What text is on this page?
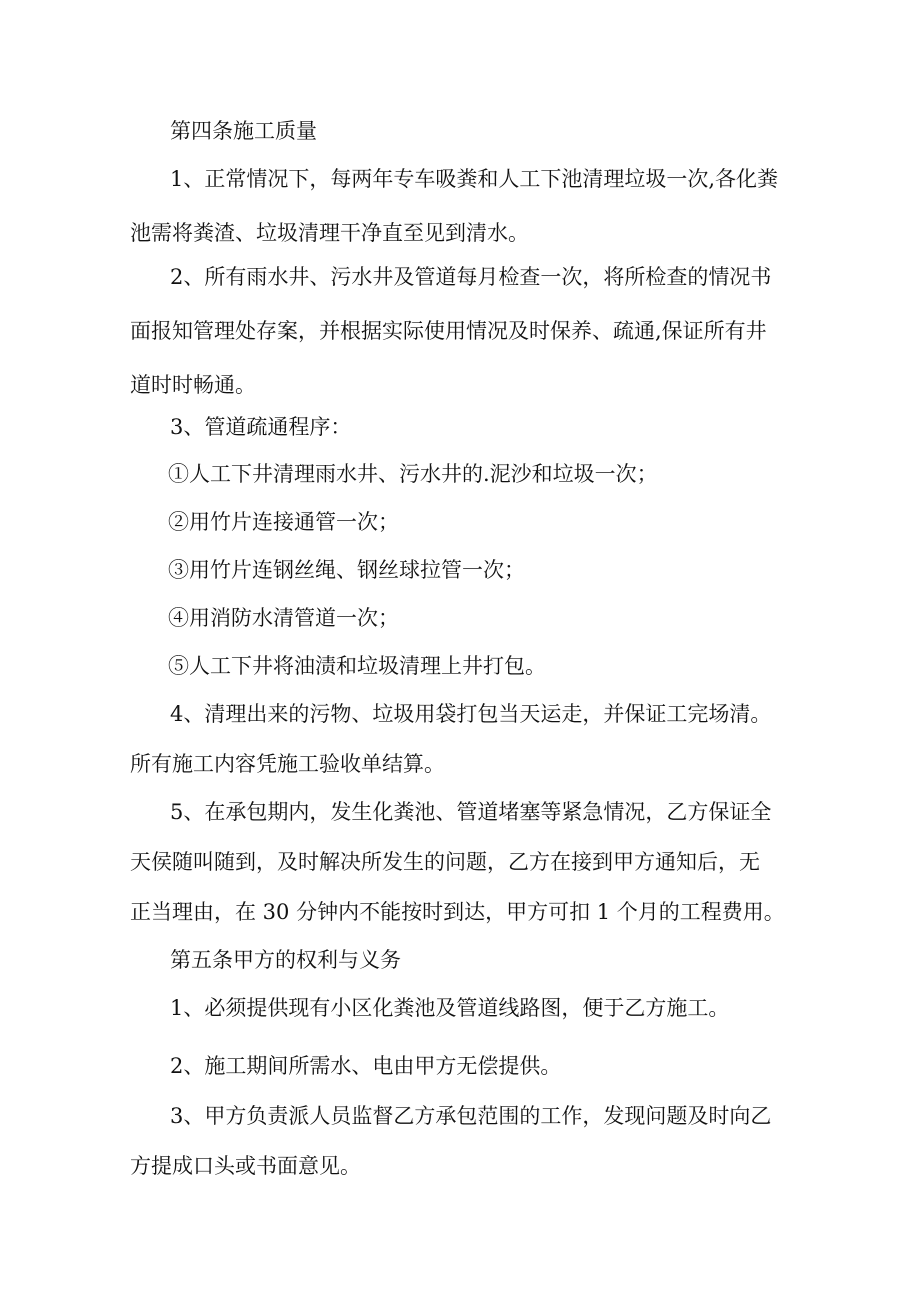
第四条施工质量

1、正常情况下，每两年专车吸粪和人工下池清理垃圾一次,各化粪
池需将粪渣、垃圾清理干净直至见到清水。

2、所有雨水井、污水井及管道每月检查一次，将所检查的情况书
面报知管理处存案，并根据实际使用情况及时保养、疏通,保证所有井
道时时畅通。

3、管道疏通程序：

①人工下井清理雨水井、污水井的.泥沙和垃圾一次；

②用竹片连接通管一次；

③用竹片连钢丝绳、钢丝球拉管一次；

④用消防水清管道一次；

⑤人工下井将油渍和垃圾清理上井打包。

4、清理出来的污物、垃圾用袋打包当天运走，并保证工完场清。
所有施工内容凭施工验收单结算。

5、在承包期内，发生化粪池、管道堵塞等紧急情况，乙方保证全
天侯随叫随到，及时解决所发生的问题，乙方在接到甲方通知后，无
正当理由，在 30 分钟内不能按时到达，甲方可扣 1 个月的工程费用。

第五条甲方的权利与义务

1、必须提供现有小区化粪池及管道线路图，便于乙方施工。

2、施工期间所需水、电由甲方无偿提供。

3、甲方负责派人员监督乙方承包范围的工作，发现问题及时向乙
方提成口头或书面意见。
